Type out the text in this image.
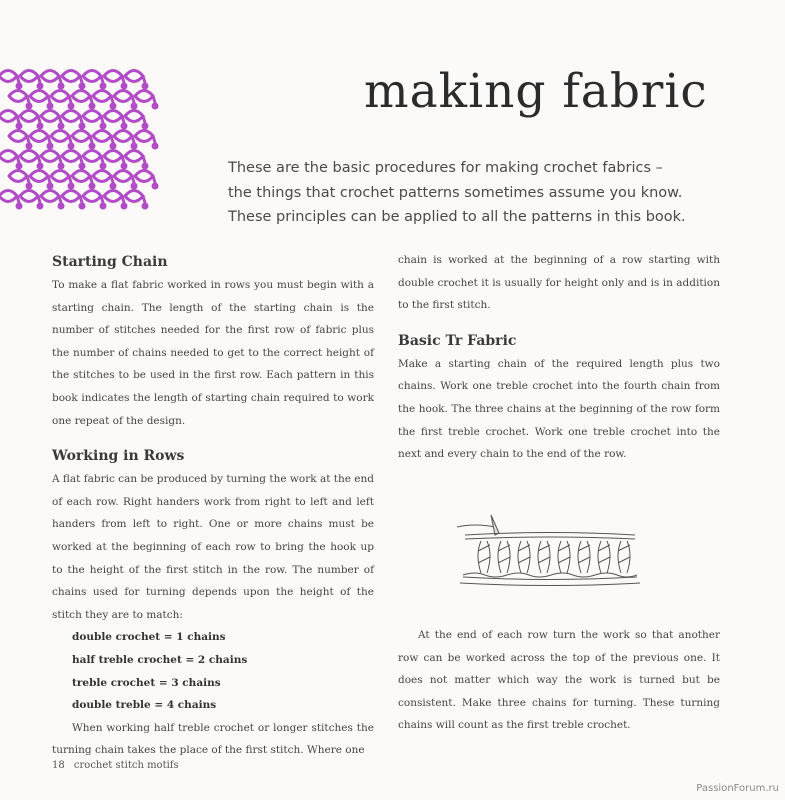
making fabric

These are the basic procedures for making crochet fabrics –
the things that crochet patterns sometimes assume you know.
These principles can be applied to all the patterns in this book.

Starting Chain

To make a flat fabric worked in rows you must begin with a starting chain. The length of the starting chain is the number of stitches needed for the first row of fabric plus the number of chains needed to get to the correct height of the stitches to be used in the first row. Each pattern in this book indicates the length of starting chain required to work one repeat of the design.

Working in Rows

A flat fabric can be produced by turning the work at the end of each row. Right handers work from right to left and left handers from left to right. One or more chains must be worked at the beginning of each row to bring the hook up to the height of the first stitch in the row. The number of chains used for turning depends upon the height of the stitch they are to match:

double crochet = 1 chains
half treble crochet = 2 chains
treble crochet = 3 chains
double treble = 4 chains

When working half treble crochet or longer stitches the turning chain takes the place of the first stitch. Where one

chain is worked at the beginning of a row starting with double crochet it is usually for height only and is in addition to the first stitch.

Basic Tr Fabric

Make a starting chain of the required length plus two chains. Work one treble crochet into the fourth chain from the hook. The three chains at the beginning of the row form the first treble crochet. Work one treble crochet into the next and every chain to the end of the row.

At the end of each row turn the work so that another row can be worked across the top of the previous one. It does not matter which way the work is turned but be consistent. Make three chains for turning. These turning chains will count as the first treble crochet.

18 crochet stitch motifs
PassionForum.ru
